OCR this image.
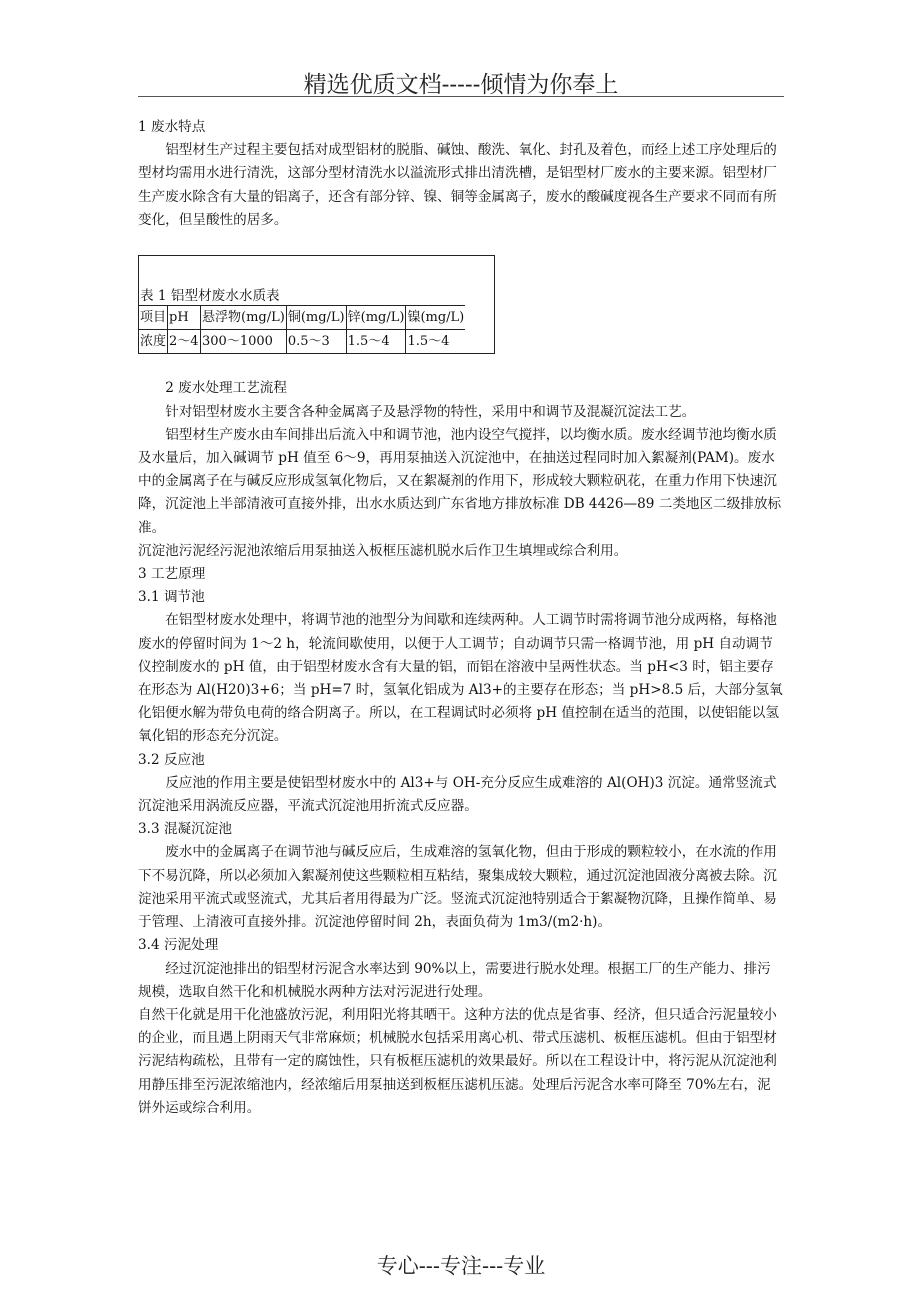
精选优质文档-----倾情为你奉上

1 废水特点

铝型材生产过程主要包括对成型铝材的脱脂、碱蚀、酸洗、氧化、封孔及着色，而经上述工序处理后的型材均需用水进行清洗，这部分型材清洗水以溢流形式排出清洗槽，是铝型材厂废水的主要来源。铝型材厂生产废水除含有大量的铝离子，还含有部分锌、镍、铜等金属离子，废水的酸碱度视各生产要求不同而有所变化，但呈酸性的居多。

表 1 铝型材废水水质表
项目	pH	悬浮物(mg/L)	铜(mg/L)	锌(mg/L)	镍(mg/L)
浓度	2～4	300～1000	0.5～3	1.5～4	1.5～4

2 废水处理工艺流程

针对铝型材废水主要含各种金属离子及悬浮物的特性，采用中和调节及混凝沉淀法工艺。

铝型材生产废水由车间排出后流入中和调节池，池内设空气搅拌，以均衡水质。废水经调节池均衡水质及水量后，加入碱调节 pH 值至 6～9，再用泵抽送入沉淀池中，在抽送过程同时加入絮凝剂(PAM)。废水中的金属离子在与碱反应形成氢氧化物后，又在絮凝剂的作用下，形成较大颗粒矾花，在重力作用下快速沉降，沉淀池上半部清液可直接外排，出水水质达到广东省地方排放标准 DB 4426—89 二类地区二级排放标准。

沉淀池污泥经污泥池浓缩后用泵抽送入板框压滤机脱水后作卫生填埋或综合利用。

3 工艺原理

3.1 调节池

在铝型材废水处理中，将调节池的池型分为间歇和连续两种。人工调节时需将调节池分成两格，每格池废水的停留时间为 1～2 h，轮流间歇使用，以便于人工调节；自动调节只需一格调节池，用 pH 自动调节仪控制废水的 pH 值，由于铝型材废水含有大量的铝，而铝在溶液中呈两性状态。当 pH<3 时，铝主要存在形态为 Al(H20)3+6；当 pH=7 时，氢氧化铝成为 Al3+的主要存在形态；当 pH>8.5 后，大部分氢氧化铝便水解为带负电荷的络合阴离子。所以，在工程调试时必须将 pH 值控制在适当的范围，以使铝能以氢氧化铝的形态充分沉淀。

3.2 反应池

反应池的作用主要是使铝型材废水中的 Al3+与 OH-充分反应生成难溶的 Al(OH)3 沉淀。通常竖流式沉淀池采用涡流反应器，平流式沉淀池用折流式反应器。

3.3 混凝沉淀池

废水中的金属离子在调节池与碱反应后，生成难溶的氢氧化物，但由于形成的颗粒较小，在水流的作用下不易沉降，所以必须加入絮凝剂使这些颗粒相互粘结，聚集成较大颗粒，通过沉淀池固液分离被去除。沉淀池采用平流式或竖流式，尤其后者用得最为广泛。竖流式沉淀池特别适合于絮凝物沉降，且操作简单、易于管理、上清液可直接外排。沉淀池停留时间 2h，表面负荷为 1m3/(m2·h)。

3.4 污泥处理

经过沉淀池排出的铝型材污泥含水率达到 90%以上，需要进行脱水处理。根据工厂的生产能力、排污规模，选取自然干化和机械脱水两种方法对污泥进行处理。

自然干化就是用干化池盛放污泥，利用阳光将其晒干。这种方法的优点是省事、经济，但只适合污泥量较小的企业，而且遇上阴雨天气非常麻烦；机械脱水包括采用离心机、带式压滤机、板框压滤机。但由于铝型材污泥结构疏松，且带有一定的腐蚀性，只有板框压滤机的效果最好。所以在工程设计中，将污泥从沉淀池利用静压排至污泥浓缩池内，经浓缩后用泵抽送到板框压滤机压滤。处理后污泥含水率可降至 70%左右，泥饼外运或综合利用。

专心---专注---专业
